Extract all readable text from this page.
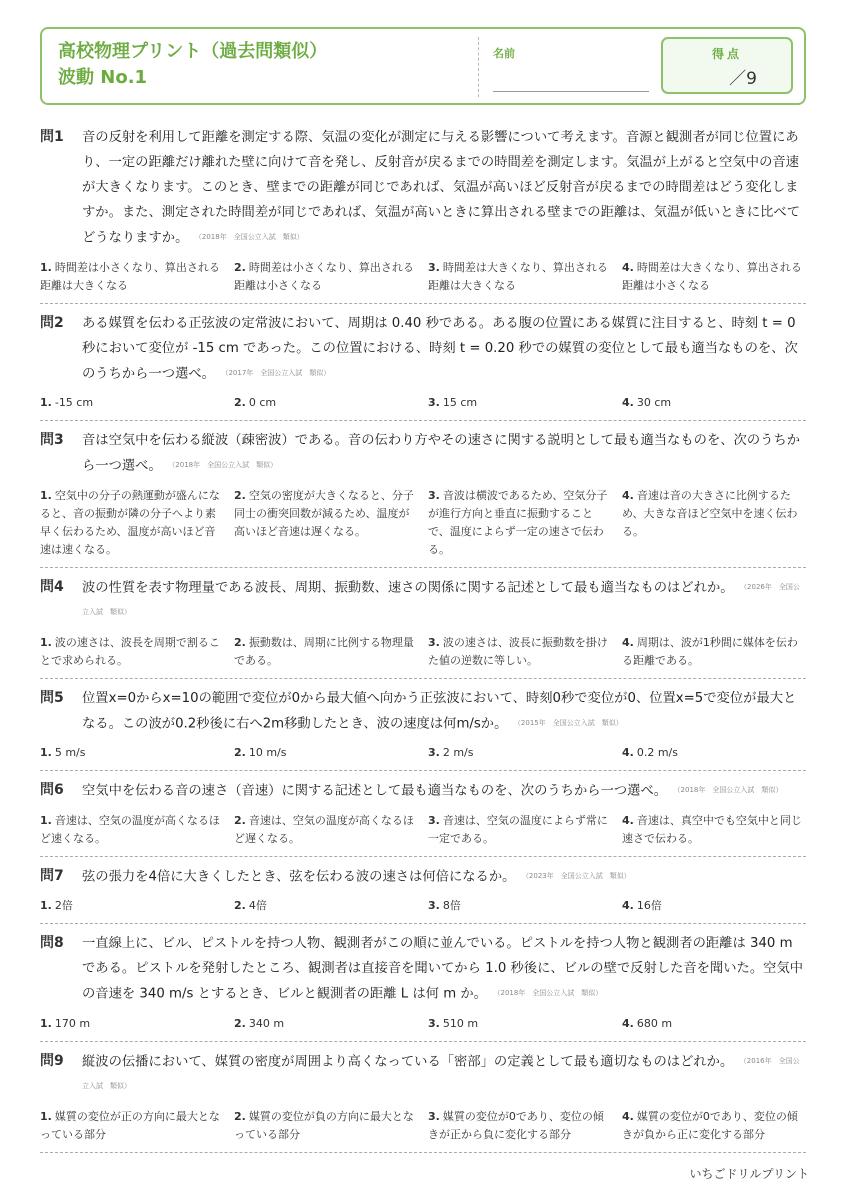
高校物理プリント（過去問類似）
波動 No.1
名前	得点
／9
問1	音の反射を利用して距離を測定する際、気温の変化が測定に与える影響について考えます。音源と観測者が同じ位置にあり、一定の距離だけ離れた壁に向けて音を発し、反射音が戻るまでの時間差を測定します。気温が上がると空気中の音速が大きくなります。このとき、壁までの距離が同じであれば、気温が高いほど反射音が戻るまでの時間差はどう変化しますか。また、測定された時間差が同じであれば、気温が高いときに算出される壁までの距離は、気温が低いときに比べてどうなりますか。 （2018年　全国公立入試　類似）
1. 時間差は小さくなり、算出される距離は大きくなる
2. 時間差は小さくなり、算出される距離は小さくなる
3. 時間差は大きくなり、算出される距離は大きくなる
4. 時間差は大きくなり、算出される距離は小さくなる
問2	ある媒質を伝わる正弦波の定常波において、周期は 0.40 秒である。ある腹の位置にある媒質に注目すると、時刻 t = 0 秒において変位が -15 cm であった。この位置における、時刻 t = 0.20 秒での媒質の変位として最も適当なものを、次のうちから一つ選べ。 （2017年　全国公立入試　類似）
1. -15 cm	2. 0 cm	3. 15 cm	4. 30 cm
問3	音は空気中を伝わる縦波（疎密波）である。音の伝わり方やその速さに関する説明として最も適当なものを、次のうちから一つ選べ。 （2018年　全国公立入試　類似）
1. 空気中の分子の熱運動が盛んになると、音の振動が隣の分子へより素早く伝わるため、温度が高いほど音速は速くなる。
2. 空気の密度が大きくなると、分子同士の衝突回数が減るため、温度が高いほど音速は遅くなる。
3. 音波は横波であるため、空気分子が進行方向と垂直に振動することで、温度によらず一定の速さで伝わる。
4. 音速は音の大きさに比例するため、大きな音ほど空気中を速く伝わる。
問4	波の性質を表す物理量である波長、周期、振動数、速さの関係に関する記述として最も適当なものはどれか。 （2026年　全国公立入試　類似）
1. 波の速さは、波長を周期で割ることで求められる。
2. 振動数は、周期に比例する物理量である。
3. 波の速さは、波長に振動数を掛けた値の逆数に等しい。
4. 周期は、波が1秒間に媒体を伝わる距離である。
問5	位置x=0からx=10の範囲で変位が0から最大値へ向かう正弦波において、時刻0秒で変位が0、位置x=5で変位が最大となる。この波が0.2秒後に右へ2m移動したとき、波の速度は何m/sか。 （2015年　全国公立入試　類似）
1. 5 m/s	2. 10 m/s	3. 2 m/s	4. 0.2 m/s
問6	空気中を伝わる音の速さ（音速）に関する記述として最も適当なものを、次のうちから一つ選べ。 （2018年　全国公立入試　類似）
1. 音速は、空気の温度が高くなるほど速くなる。
2. 音速は、空気の温度が高くなるほど遅くなる。
3. 音速は、空気の温度によらず常に一定である。
4. 音速は、真空中でも空気中と同じ速さで伝わる。
問7	弦の張力を4倍に大きくしたとき、弦を伝わる波の速さは何倍になるか。 （2023年　全国公立入試　類似）
1. 2倍	2. 4倍	3. 8倍	4. 16倍
問8	一直線上に、ビル、ピストルを持つ人物、観測者がこの順に並んでいる。ピストルを持つ人物と観測者の距離は 340 m である。ピストルを発射したところ、観測者は直接音を聞いてから 1.0 秒後に、ビルの壁で反射した音を聞いた。空気中の音速を 340 m/s とするとき、ビルと観測者の距離 L は何 m か。 （2018年　全国公立入試　類似）
1. 170 m	2. 340 m	3. 510 m	4. 680 m
問9	縦波の伝播において、媒質の密度が周囲より高くなっている「密部」の定義として最も適切なものはどれか。 （2016年　全国公立入試　類似）
1. 媒質の変位が正の方向に最大となっている部分
2. 媒質の変位が負の方向に最大となっている部分
3. 媒質の変位が0であり、変位の傾きが正から負に変化する部分
4. 媒質の変位が0であり、変位の傾きが負から正に変化する部分
いちごドリルプリント
